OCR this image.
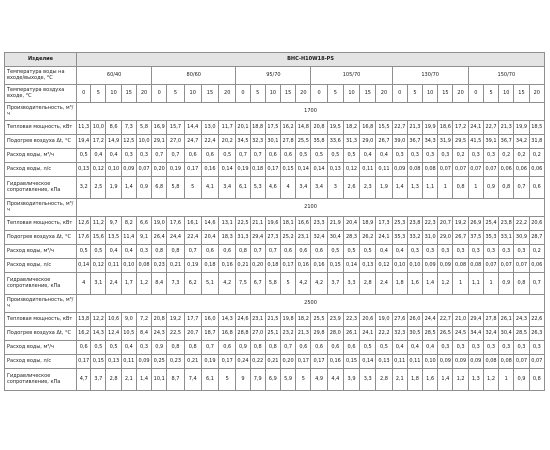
Изделие	BHC-H10W18-PS																													
Температура воды на входе/выходе, °С	60/40					80/60					95/70					105/70					130/70					150/70				
Температура воздуха входе, °С	0	5	10	15	20	0	5	10	15	20	0	5	10	15	20	0	5	10	15	20	0	5	10	15	20	0	5	10	15	20
Производительность, м³/ч	1700																													
Тепловая мощность, кВт	11,3	10,0	8,6	7,3	5,8	16,9	15,7	14,4	13,0	11,7	20,1	18,8	17,5	16,2	14,8	20,8	19,5	18,2	16,8	15,5	22,7	21,3	19,9	18,6	17,2	24,1	22,7	21,3	19,9	18,5
Подогрев воздуха Δt, °С	19,4	17,2	14,9	12,5	10,0	29,1	27,0	24,7	22,4	20,2	34,5	32,3	30,1	27,8	25,5	35,8	33,6	31,3	29,0	26,7	39,0	36,7	34,3	31,9	29,5	41,5	39,1	36,7	34,2	31,8
Расход воды, м³/ч	0,5	0,4	0,4	0,3	0,3	0,7	0,7	0,6	0,6	0,5	0,7	0,7	0,6	0,6	0,5	0,5	0,5	0,5	0,4	0,4	0,3	0,3	0,3	0,3	0,2	0,3	0,3	0,2	0,2	0,2
Расход воды, л/с	0,13	0,12	0,10	0,09	0,07	0,20	0,19	0,17	0,16	0,14	0,19	0,18	0,17	0,15	0,14	0,14	0,13	0,12	0,11	0,11	0,09	0,08	0,08	0,07	0,07	0,07	0,07	0,06	0,06	0,06
Гидравлическое сопротивление, кПа	3,2	2,5	1,9	1,4	0,9	6,8	5,8	5	4,1	3,4	6,1	5,3	4,6	4	3,4	3,4	3	2,6	2,3	1,9	1,4	1,3	1,1	1	0,8	1	0,9	0,8	0,7	0,6
Производительность, м³/ч	2100																													
Тепловая мощность, кВт	12,6	11,2	9,7	8,2	6,6	19,0	17,6	16,1	14,6	13,1	22,5	21,1	19,6	18,1	16,6	23,3	21,9	20,4	18,9	17,3	25,3	23,8	22,3	20,7	19,2	26,9	25,4	23,8	22,2	20,6
Подогрев воздуха Δt, °С	17,6	15,6	13,5	11,4	9,1	26,4	24,4	22,4	20,4	18,3	31,3	29,4	27,3	25,2	23,1	32,4	30,4	28,3	26,2	24,1	35,3	33,2	31,0	29,0	26,7	37,5	35,3	33,1	30,9	28,7
Расход воды, м³/ч	0,5	0,5	0,4	0,4	0,3	0,8	0,8	0,7	0,6	0,6	0,8	0,7	0,7	0,6	0,6	0,6	0,5	0,5	0,5	0,4	0,4	0,3	0,3	0,3	0,3	0,3	0,3	0,3	0,3	0,2
Расход воды, л/с	0,14	0,12	0,11	0,10	0,08	0,23	0,21	0,19	0,18	0,16	0,21	0,20	0,18	0,17	0,16	0,16	0,15	0,14	0,13	0,12	0,10	0,10	0,09	0,09	0,08	0,08	0,07	0,07	0,07	0,06
Гидравлическое сопротивление, кПа	4	3,1	2,4	1,7	1,2	8,4	7,3	6,2	5,1	4,2	7,5	6,7	5,8	5	4,2	4,2	3,7	3,3	2,8	2,4	1,8	1,6	1,4	1,2	1	1,1	1	0,9	0,8	0,7
Производительность, м³/ч	2500																													
Тепловая мощность, кВт	13,8	12,2	10,6	9,0	7,2	20,8	19,2	17,7	16,0	14,3	24,6	23,1	21,5	19,8	18,2	25,5	23,9	22,3	20,6	19,0	27,6	26,0	24,4	22,7	21,0	29,4	27,8	26,1	24,3	22,6
Подогрев воздуха Δt, °С	16,2	14,3	12,4	10,5	8,4	24,3	22,5	20,7	18,7	16,8	28,8	27,0	25,1	23,2	21,3	29,8	28,0	26,1	24,1	22,2	32,3	30,5	28,5	26,5	24,5	34,4	32,4	30,4	28,5	26,3
Расход воды, м³/ч	0,6	0,5	0,5	0,4	0,3	0,9	0,8	0,8	0,7	0,6	0,9	0,8	0,8	0,7	0,6	0,6	0,6	0,6	0,5	0,5	0,4	0,4	0,4	0,3	0,3	0,3	0,3	0,3	0,3	0,3
Расход воды, л/с	0,17	0,15	0,13	0,11	0,09	0,25	0,23	0,21	0,19	0,17	0,24	0,22	0,21	0,20	0,17	0,17	0,16	0,15	0,14	0,13	0,11	0,11	0,10	0,09	0,09	0,09	0,08	0,08	0,07	0,07
Гидравлическое сопротивление, кПа	4,7	3,7	2,8	2,1	1,4	10,1	8,7	7,4	6,1	5	9	7,9	6,9	5,9	5	4,9	4,4	3,9	3,3	2,8	2,1	1,8	1,6	1,4	1,2	1,3	1,2	1	0,9	0,8
